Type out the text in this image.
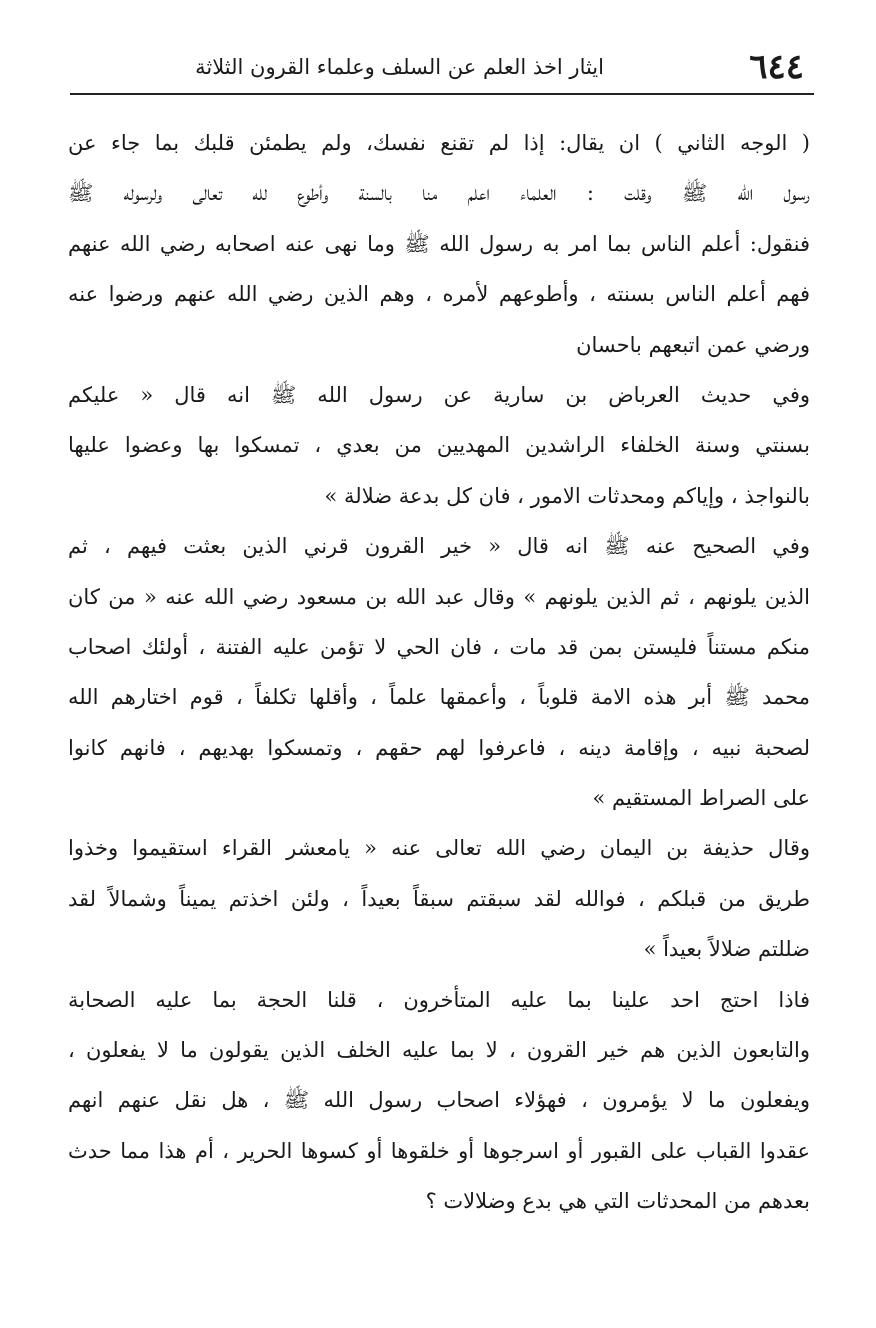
٦٤٤
ايثار اخذ العلم عن السلف وعلماء القرون الثلاثة
( الوجه الثاني ) ان يقال: إذا لم تقنع نفسك، ولم يطمئن قلبك بما جاء عن
رسول الله ﷺ وقلت : العلماء اعلم منا بالسنة وأطوع لله تعالى ولرسوله ﷺ
فنقول: أعلم الناس بما امر به رسول الله ﷺ وما نهى عنه اصحابه رضي الله عنهم
فهم أعلم الناس بسنته ، وأطوعهم لأمره ، وهم الذين رضي الله عنهم ورضوا عنه
ورضي عمن اتبعهم باحسان
وفي حديث العرباض بن سارية عن رسول الله ﷺ انه قال « عليكم
بسنتي وسنة الخلفاء الراشدين المهديين من بعدي ، تمسكوا بها وعضوا عليها
بالنواجذ ، وإياكم ومحدثات الامور ، فان كل بدعة ضلالة »
وفي الصحيح عنه ﷺ انه قال « خير القرون قرني الذين بعثت فيهم ، ثم
الذين يلونهم ، ثم الذين يلونهم » وقال عبد الله بن مسعود رضي الله عنه « من كان
منكم مستناً فليستن بمن قد مات ، فان الحي لا تؤمن عليه الفتنة ، أولئك اصحاب
محمد ﷺ أبر هذه الامة قلوباً ، وأعمقها علماً ، وأقلها تكلفاً ، قوم اختارهم الله
لصحبة نبيه ، وإقامة دينه ، فاعرفوا لهم حقهم ، وتمسكوا بهديهم ، فانهم كانوا
على الصراط المستقيم »
وقال حذيفة بن اليمان رضي الله تعالى عنه « يامعشر القراء استقيموا وخذوا
طريق من قبلكم ، فوالله لقد سبقتم سبقاً بعيداً ، ولئن اخذتم يميناً وشمالاً لقد
ضللتم ضلالاً بعيداً »
فاذا احتج احد علينا بما عليه المتأخرون ، قلنا الحجة بما عليه الصحابة
والتابعون الذين هم خير القرون ، لا بما عليه الخلف الذين يقولون ما لا يفعلون ،
ويفعلون ما لا يؤمرون ، فهؤلاء اصحاب رسول الله ﷺ ، هل نقل عنهم انهم
عقدوا القباب على القبور أو اسرجوها أو خلقوها أو كسوها الحرير ، أم هذا مما حدث
بعدهم من المحدثات التي هي بدع وضلالات ؟
